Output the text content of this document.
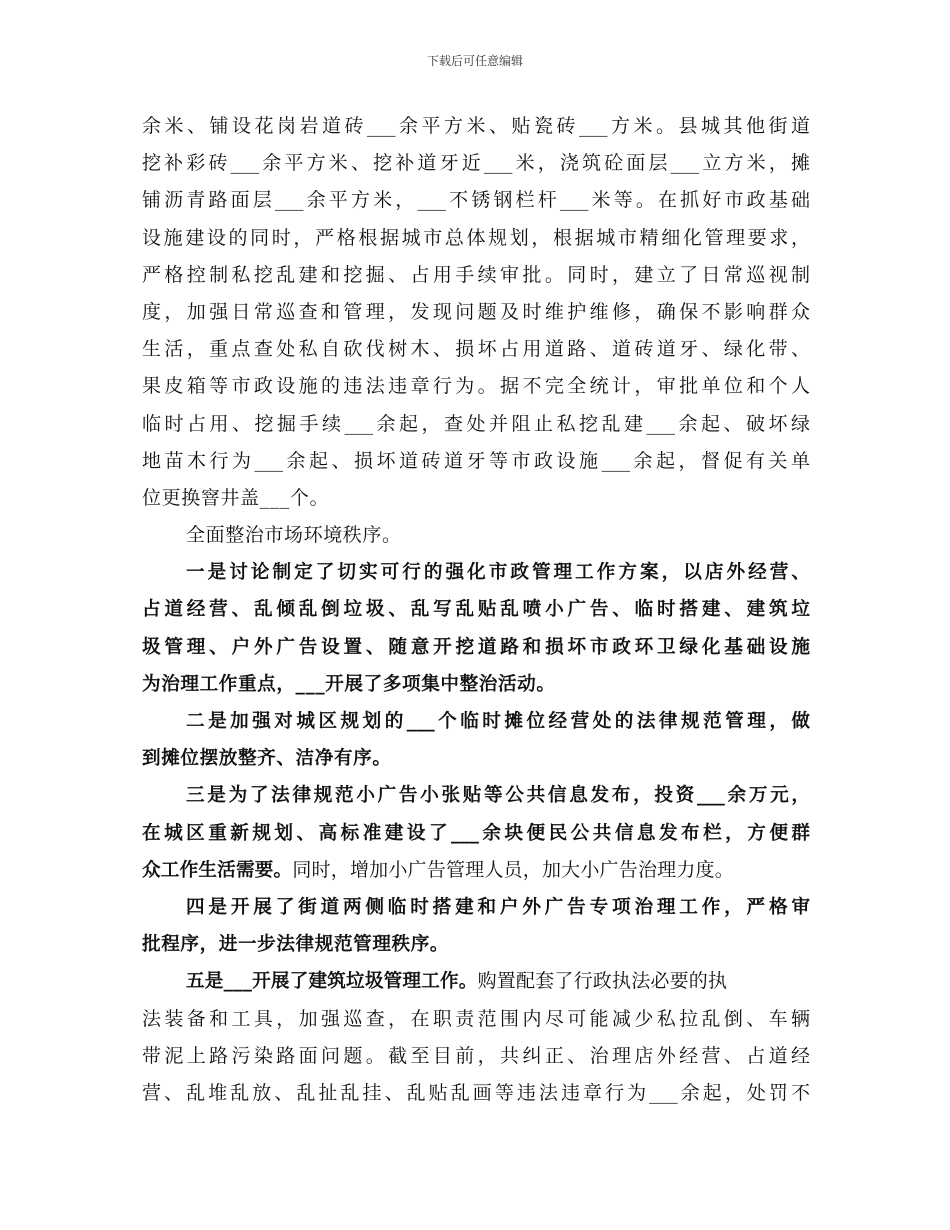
下载后可任意编辑
余米、铺设花岗岩道砖___余平方米、贴瓷砖___方米。县城其他街道
挖补彩砖___余平方米、挖补道牙近___米，浇筑砼面层___立方米，摊
铺沥青路面层___余平方米，___不锈钢栏杆___米等。在抓好市政基础
设施建设的同时，严格根据城市总体规划，根据城市精细化管理要求，
严格控制私挖乱建和挖掘、占用手续审批。同时，建立了日常巡视制
度，加强日常巡查和管理，发现问题及时维护维修，确保不影响群众
生活，重点查处私自砍伐树木、损坏占用道路、道砖道牙、绿化带、
果皮箱等市政设施的违法违章行为。据不完全统计，审批单位和个人
临时占用、挖掘手续___余起，查处并阻止私挖乱建___余起、破坏绿
地苗木行为___余起、损坏道砖道牙等市政设施___余起，督促有关单
位更换窨井盖___个。
全面整治市场环境秩序。
一是讨论制定了切实可行的强化市政管理工作方案，以店外经营、
占道经营、乱倾乱倒垃圾、乱写乱贴乱喷小广告、临时搭建、建筑垃
圾管理、户外广告设置、随意开挖道路和损坏市政环卫绿化基础设施
为治理工作重点，___开展了多项集中整治活动。
二是加强对城区规划的___个临时摊位经营处的法律规范管理，做
到摊位摆放整齐、洁净有序。
三是为了法律规范小广告小张贴等公共信息发布，投资___余万元，
在城区重新规划、高标准建设了___余块便民公共信息发布栏，方便群
众工作生活需要。同时，增加小广告管理人员，加大小广告治理力度。
四是开展了街道两侧临时搭建和户外广告专项治理工作，严格审
批程序，进一步法律规范管理秩序。
五是___开展了建筑垃圾管理工作。购置配套了行政执法必要的执
法装备和工具，加强巡查，在职责范围内尽可能减少私拉乱倒、车辆
带泥上路污染路面问题。截至目前，共纠正、治理店外经营、占道经
营、乱堆乱放、乱扯乱挂、乱贴乱画等违法违章行为___余起，处罚不
